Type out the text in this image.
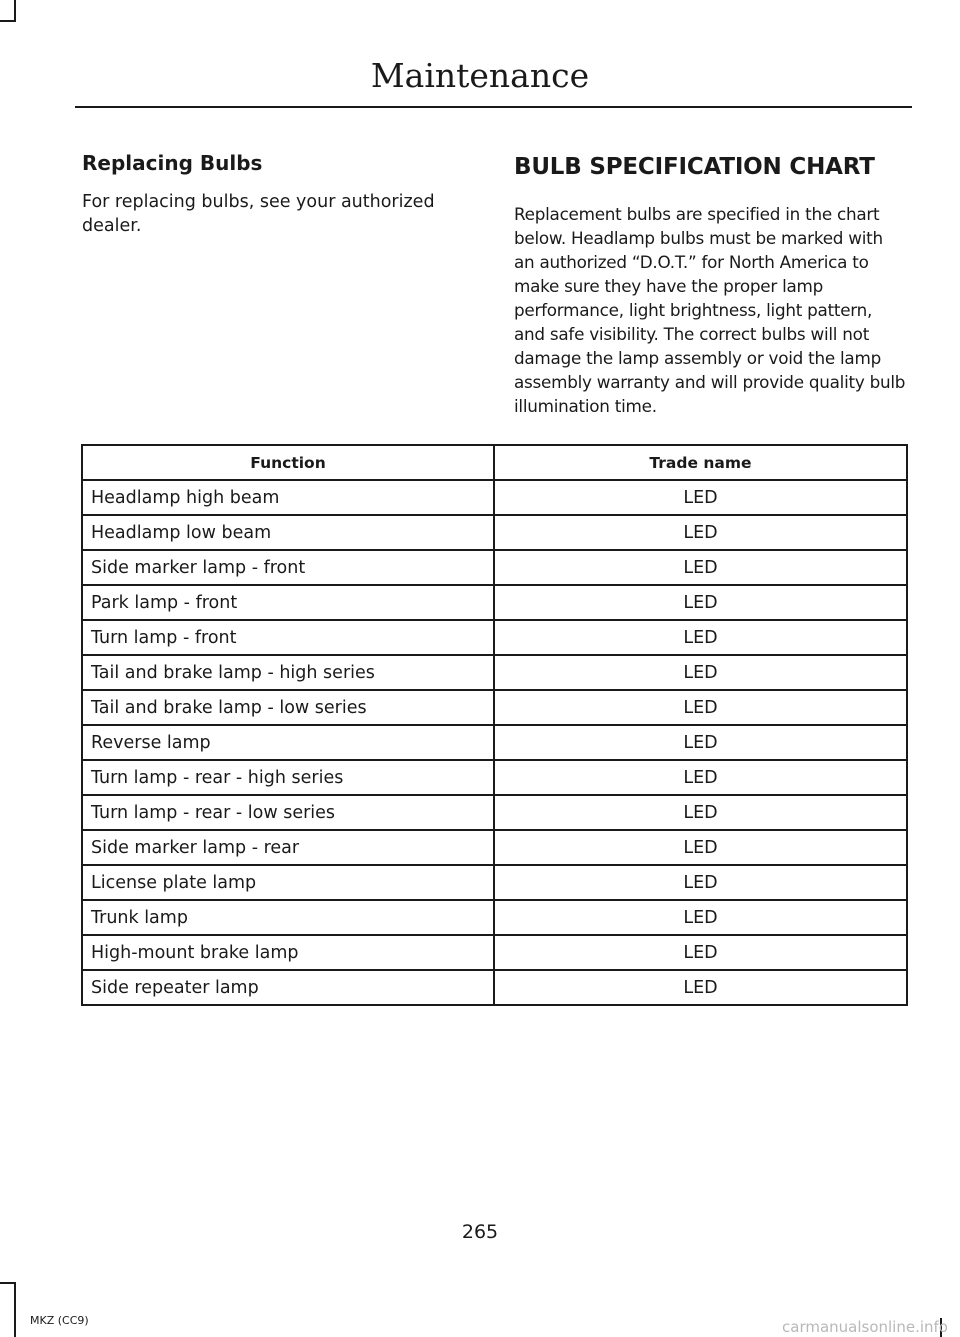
Maintenance
Replacing Bulbs

For replacing bulbs, see your authorized dealer.

BULB SPECIFICATION CHART

Replacement bulbs are specified in the chart below. Headlamp bulbs must be marked with an authorized “D.O.T.” for North America to make sure they have the proper lamp performance, light brightness, light pattern, and safe visibility. The correct bulbs will not damage the lamp assembly or void the lamp assembly warranty and will provide quality bulb illumination time.

Function	Trade name
Headlamp high beam	LED
Headlamp low beam	LED
Side marker lamp - front	LED
Park lamp - front	LED
Turn lamp - front	LED
Tail and brake lamp - high series	LED
Tail and brake lamp - low series	LED
Reverse lamp	LED
Turn lamp - rear - high series	LED
Turn lamp - rear - low series	LED
Side marker lamp - rear	LED
License plate lamp	LED
Trunk lamp	LED
High-mount brake lamp	LED
Side repeater lamp	LED
265
MKZ (CC9)	carmanualsonline.info
